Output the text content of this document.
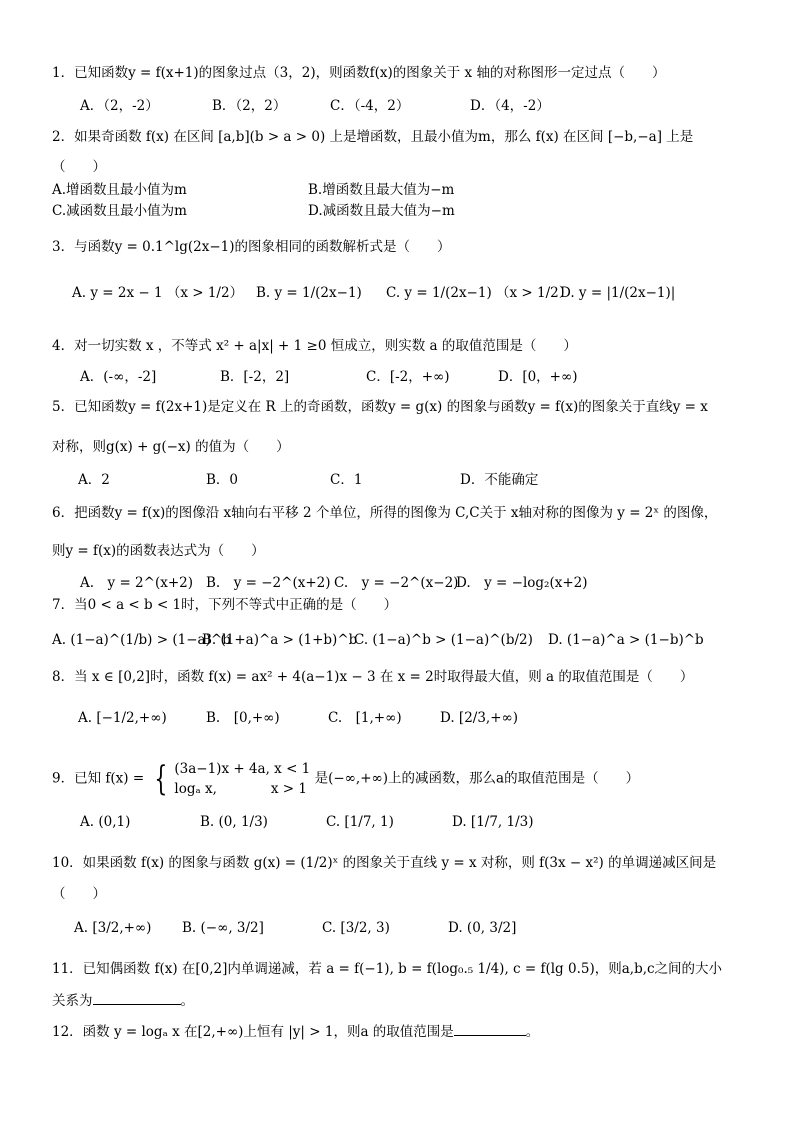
1．已知函数y = f(x+1)的图象过点（3，2)，则函数f(x)的图象关于 x 轴的对称图形一定过点（　　）
A．（2，-2）	B．（2，2）	C．（-4，2）	D．（4，-2）
2．如果奇函数 f(x) 在区间 [a,b](b > a > 0) 上是增函数，且最小值为m，那么 f(x) 在区间 [−b,−a] 上是
（　　）
A.增函数且最小值为m	B.增函数且最大值为−m
C.减函数且最小值为m	D.减函数且最大值为−m
3．与函数y = 0.1^lg(2x−1)的图象相同的函数解析式是（　　）
A. y = 2x − 1 （x > 1/2） B. y = 1/(2x−1) C. y = 1/(2x−1) （x > 1/2）
D. y = |1/(2x−1)|
4．对一切实数 x ，不等式 x² + a|x| + 1 ≥0 恒成立，则实数 a 的取值范围是（　　）
A．(-∞，-2]	B．[-2，2]	C．[-2，+∞)	D．[0，+∞)
5．已知函数y = f(2x+1)是定义在 R 上的奇函数，函数y = g(x) 的图象与函数y = f(x)的图象关于直线y = x
对称，则g(x) + g(−x) 的值为（　　）
A．2	B．0	C．1	D．不能确定
6．把函数y = f(x)的图像沿 x轴向右平移 2 个单位，所得的图像为 C,C关于 x轴对称的图像为 y = 2ˣ 的图像，
则y = f(x)的函数表达式为（　　）
A.　y = 2^(x+2) B.　y = −2^(x+2) C.　y = −2^(x−2)
D.　y = −log₂(x+2)
7．当0 < a < b < 1时，下列不等式中正确的是（　　）
A. (1−a)^(1/b) > (1−a)^b
B. (1+a)^a > (1+b)^b
C. (1−a)^b > (1−a)^(b/2) D. (1−a)^a > (1−b)^b
8．当 x ∈ [0,2]时，函数 f(x) = ax² + 4(a−1)x − 3 在 x = 2时取得最大值，则 a 的取值范围是（　　）
A. [−1/2,+∞)	B.　[0,+∞)	C.　[1,+∞)	D. [2/3,+∞)
9．已知 f(x) = { (3a−1)x + 4a, x < 1
logₐ x,　　　　x > 1
是(−∞,+∞)上的减函数，那么a的取值范围是（　　）
A. (0,1)	B. (0, 1/3)	C. [1/7, 1)	D. [1/7, 1/3)
10．如果函数 f(x) 的图象与函数 g(x) = (1/2)ˣ 的图象关于直线 y = x 对称，则 f(3x − x²) 的单调递减区间是
（　　）
A. [3/2,+∞) B. (−∞, 3/2]	C. [3/2, 3)	D. (0, 3/2]
11．已知偶函数 f(x) 在[0,2]内单调递减，若 a = f(−1), b = f(log₀.₅ 1/4), c = f(lg 0.5)，则a,b,c之间的大小
关系为	。
12．函数 y = logₐ x 在[2,+∞)上恒有 |y| > 1，则a 的取值范围是	。
